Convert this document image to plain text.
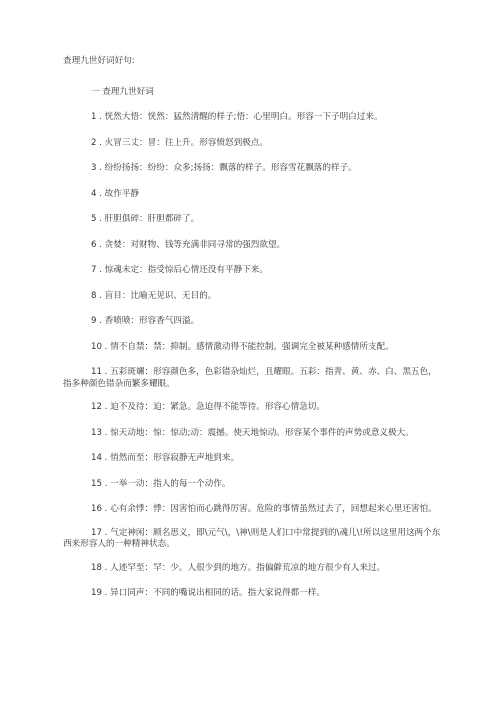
查理九世好词好句:
一 查理九世好词

1 . 恍然大悟：恍然：猛然清醒的样子;悟：心里明白。形容一下子明白过来。

2 . 火冒三丈：冒：往上升。形容愤怒到极点。

3 . 纷纷扬扬：纷纷：众多;扬扬：飘落的样子。形容雪花飘落的样子。

4 . 故作平静

5 . 肝胆俱碎：肝胆都碎了。

6 . 贪婪：对财物、钱等充满非同寻常的强烈欲望。

7 . 惊魂未定：指受惊后心情还没有平静下来。

8 . 盲目：比喻无见识、无目的。

9 . 香喷喷：形容香气四溢。

10 . 情不自禁：禁：抑制。感情激动得不能控制。强调完全被某种感情所支配。

11 . 五彩斑斓：形容颜色多，色彩错杂灿烂，且耀眼。五彩：指青、黄、赤、白、黑五色，指多种颜色错杂而繁多耀眼。

12 . 迫不及待：迫：紧急。急迫得不能等待。形容心情急切。

13 . 惊天动地：惊：惊动;动：震撼。使天地惊动。形容某个事件的声势或意义极大。

14 . 悄然而至：形容寂静无声地到来。

15 . 一举一动：指人的每一个动作。

16 . 心有余悸：悸：因害怕而心跳得厉害。危险的事情虽然过去了，回想起来心里还害怕。

17 . 气定神闲：顾名思义，即\元气\，\神\则是人们口中常提到的\魂儿\!所以这里用这两个东西来形容人的一种精神状态。

18 . 人迹罕至：罕：少。人很少到的地方。指偏僻荒凉的地方很少有人来过。

19 . 异口同声：不同的嘴说出相同的话。指大家说得都一样。
